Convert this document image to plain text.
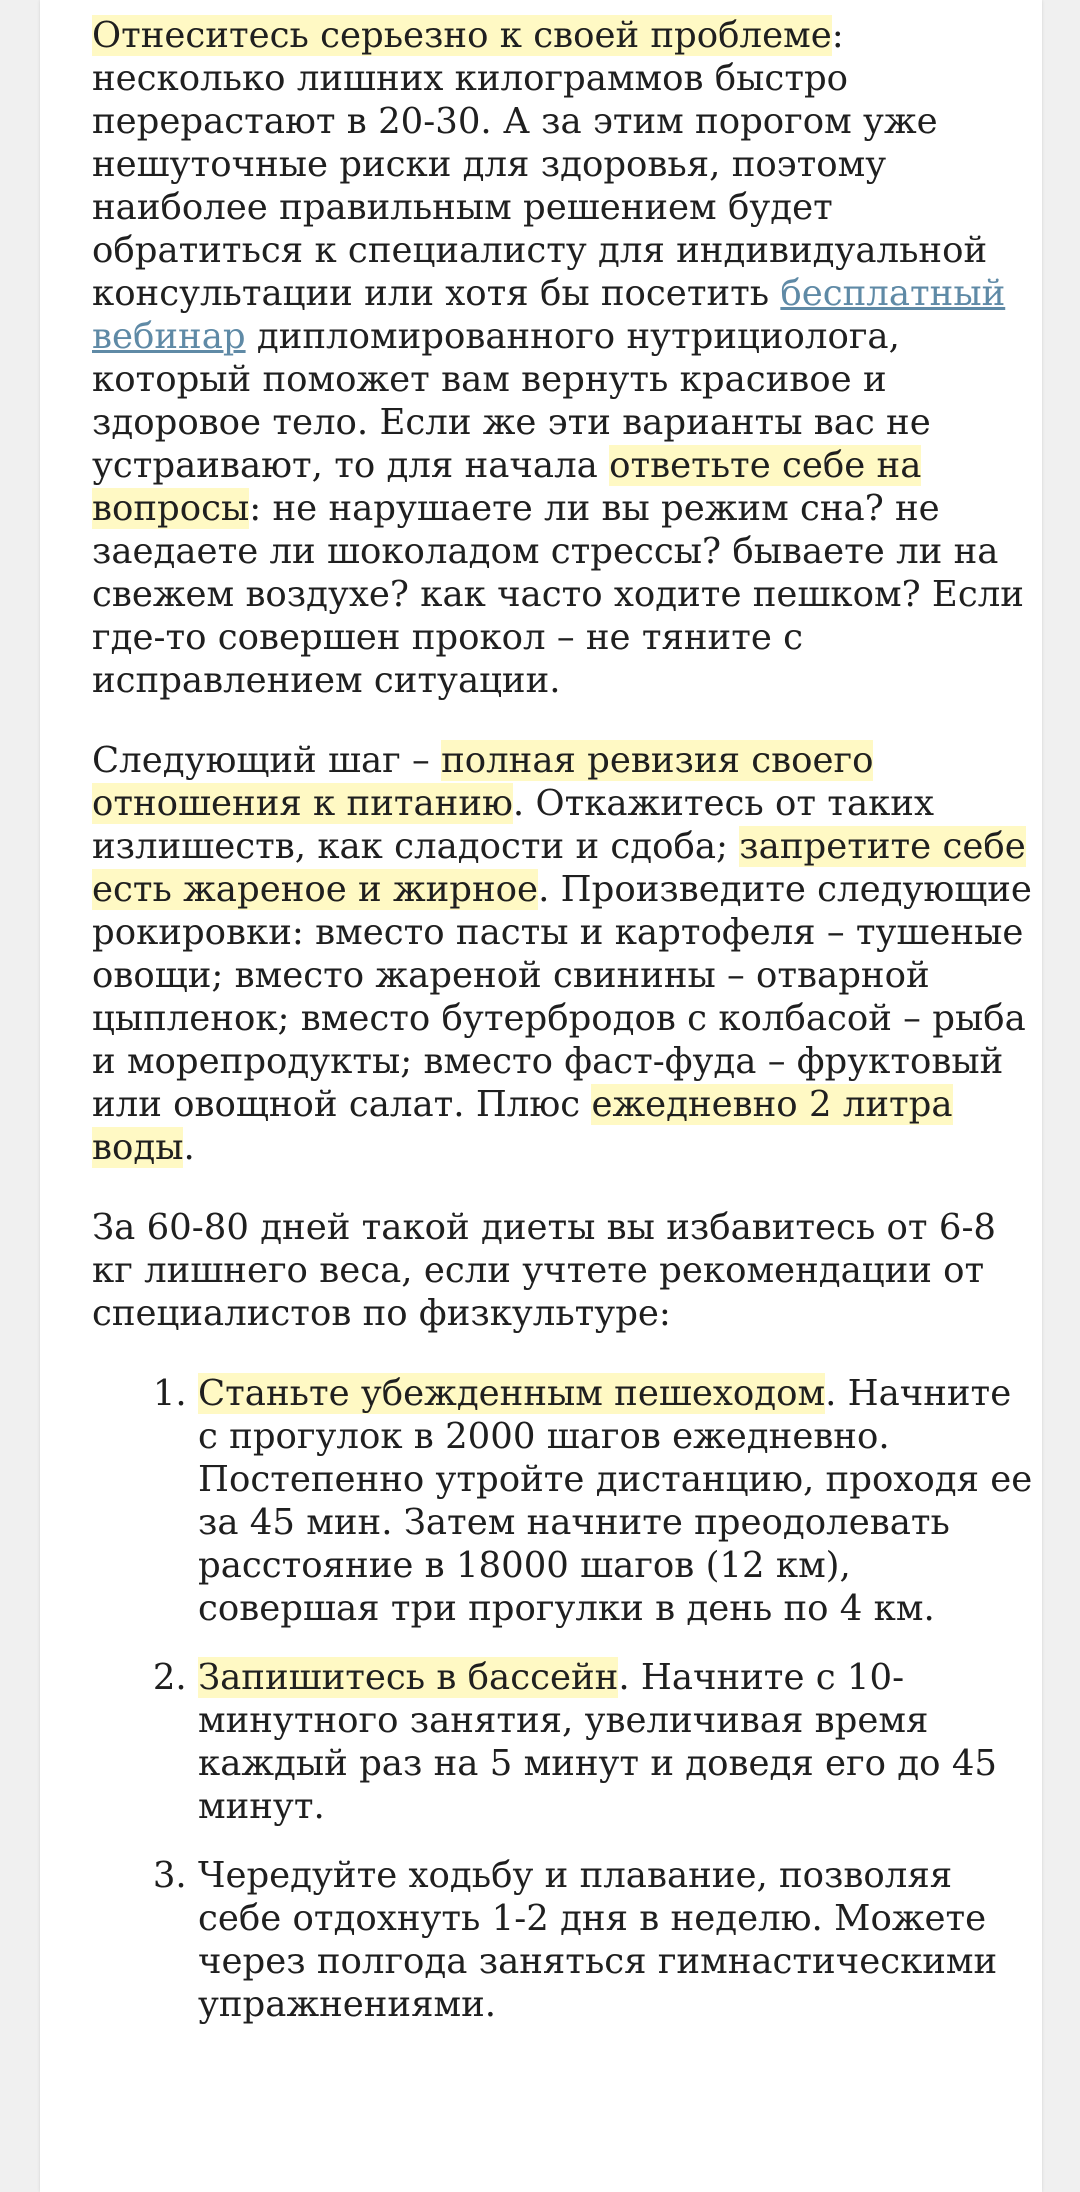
Отнеситесь серьезно к своей проблеме: несколько лишних килограммов быстро перерастают в 20-30. А за этим порогом уже нешуточные риски для здоровья, поэтому наиболее правильным решением будет обратиться к специалисту для индивидуальной консультации или хотя бы посетить бесплатный вебинар дипломированного нутрициолога, который поможет вам вернуть красивое и здоровое тело. Если же эти варианты вас не устраивают, то для начала ответьте себе на вопросы: не нарушаете ли вы режим сна? не заедаете ли шоколадом стрессы? бываете ли на свежем воздухе? как часто ходите пешком? Если где-то совершен прокол – не тяните с исправлением ситуации.

Следующий шаг – полная ревизия своего отношения к питанию. Откажитесь от таких излишеств, как сладости и сдоба; запретите себе есть жареное и жирное. Произведите следующие рокировки: вместо пасты и картофеля – тушеные овощи; вместо жареной свинины – отварной цыпленок; вместо бутербродов с колбасой – рыба и морепродукты; вместо фаст-фуда – фруктовый или овощной салат. Плюс ежедневно 2 литра воды.

За 60-80 дней такой диеты вы избавитесь от 6-8 кг лишнего веса, если учтете рекомендации от специалистов по физкультуре:

1. Станьте убежденным пешеходом. Начните с прогулок в 2000 шагов ежедневно. Постепенно утройте дистанцию, проходя ее за 45 мин. Затем начните преодолевать расстояние в 18000 шагов (12 км), совершая три прогулки в день по 4 км.
2. Запишитесь в бассейн. Начните с 10-минутного занятия, увеличивая время каждый раз на 5 минут и доведя его до 45 минут.
3. Чередуйте ходьбу и плавание, позволяя себе отдохнуть 1-2 дня в неделю. Можете через полгода заняться гимнастическими упражнениями.
